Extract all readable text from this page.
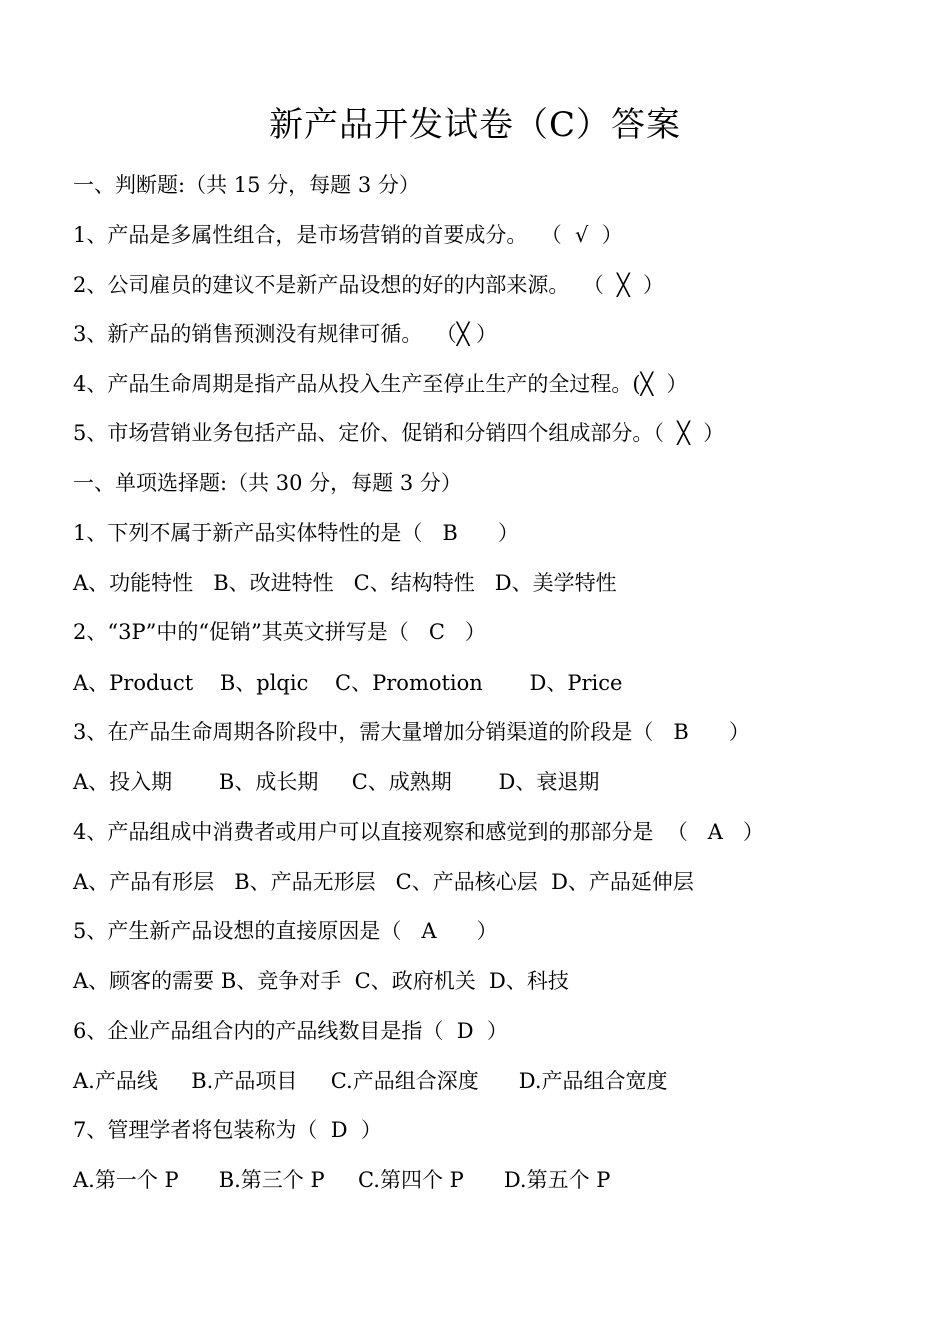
新产品开发试卷（C）答案
一、判断题:（共 15 分，每题 3 分）
1、产品是多属性组合，是市场营销的首要成分。  （  √  ）
2、公司雇员的建议不是新产品设想的好的内部来源。  （  ╳  ）
3、新产品的销售预测没有规律可循。  （╳ ）
4、产品生命周期是指产品从投入生产至停止生产的全过程。(╳  ）
5、市场营销业务包括产品、定价、促销和分销四个组成部分。（  ╳  ）
一、单项选择题:（共 30 分，每题 3 分）
1、下列不属于新产品实体特性的是（   B      ）
A、功能特性   B、改进特性   C、结构特性   D、美学特性
2、“3P”中的“促销”其英文拼写是（   C   ）
A、Product    B、plqic    C、Promotion       D、Price
3、在产品生命周期各阶段中，需大量增加分销渠道的阶段是（   B      ）
A、投入期       B、成长期     C、成熟期       D、衰退期
4、产品组成中消费者或用户可以直接观察和感觉到的那部分是  （   A   ）
A、产品有形层   B、产品无形层   C、产品核心层  D、产品延伸层
5、产生新产品设想的直接原因是（   A      ）
A、顾客的需要 B、竞争对手  C、政府机关  D、科技
6、企业产品组合内的产品线数目是指（  D  ）
A.产品线     B.产品项目     C.产品组合深度      D.产品组合宽度
7、管理学者将包装称为（  D  ）
A.第一个 P      B.第三个 P     C.第四个 P      D.第五个 P
